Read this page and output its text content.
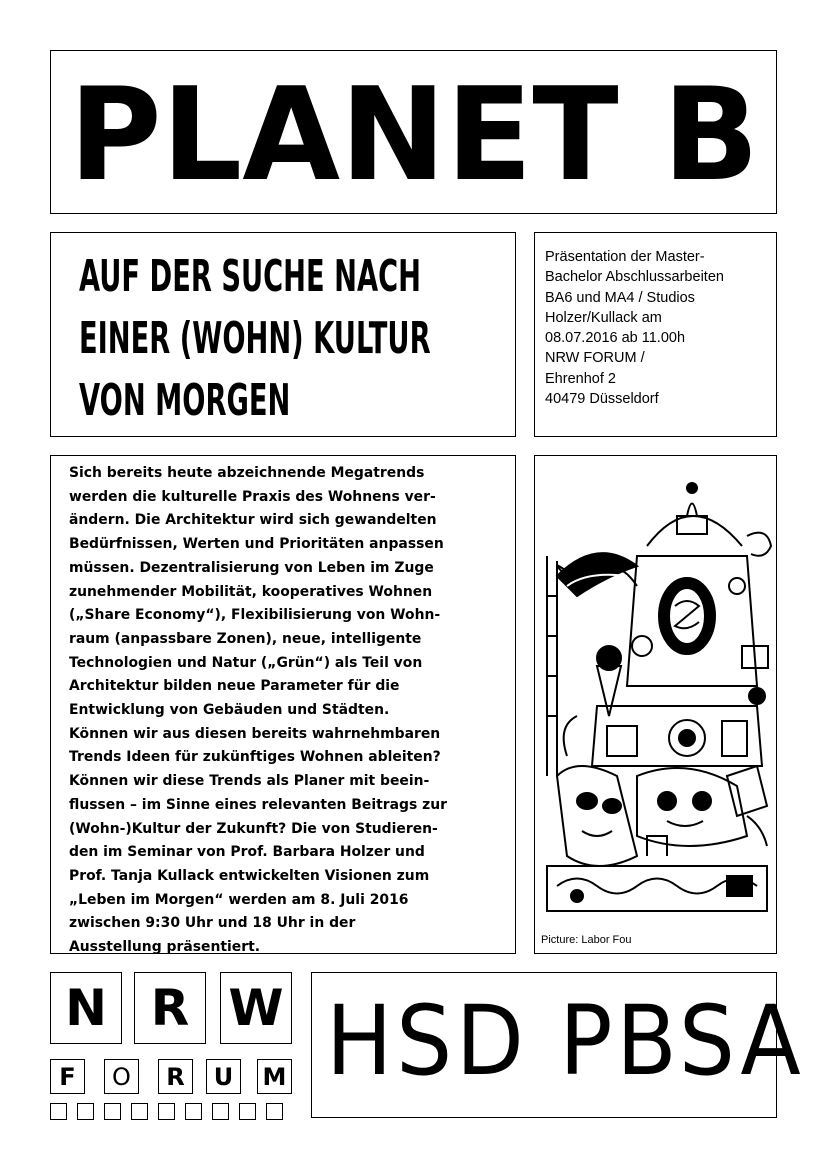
PLANET B
AUF DER SUCHE NACH
EINER (WOHN) KULTUR
VON MORGEN
Präsentation der Master-
Bachelor Abschlussarbeiten
BA6 und MA4 / Studios
Holzer/Kullack am
08.07.2016 ab 11.00h
NRW FORUM /
Ehrenhof 2
40479 Düsseldorf
Sich bereits heute abzeichnende Megatrends
werden die kulturelle Praxis des Wohnens ver-
ändern. Die Architektur wird sich gewandelten
Bedürfnissen, Werten und Prioritäten anpassen
müssen. Dezentralisierung von Leben im Zuge
zunehmender Mobilität, kooperatives Wohnen
(„Share Economy“), Flexibilisierung von Wohn-
raum (anpassbare Zonen), neue, intelligente
Technologien und Natur („Grün“) als Teil von
Architektur bilden neue Parameter für die
Entwicklung von Gebäuden und Städten.
Können wir aus diesen bereits wahrnehmbaren
Trends Ideen für zukünftiges Wohnen ableiten?
Können wir diese Trends als Planer mit beein-
flussen – im Sinne eines relevanten Beitrags zur
(Wohn-)Kultur der Zukunft? Die von Studieren-
den im Seminar von Prof. Barbara Holzer und
Prof. Tanja Kullack entwickelten Visionen zum
„Leben im Morgen“ werden am 8. Juli 2016
zwischen 9:30 Uhr und 18 Uhr in der
Ausstellung präsentiert.	Picture: Labor Fou
N R W
F	O	R	U	M HSD PBSA
